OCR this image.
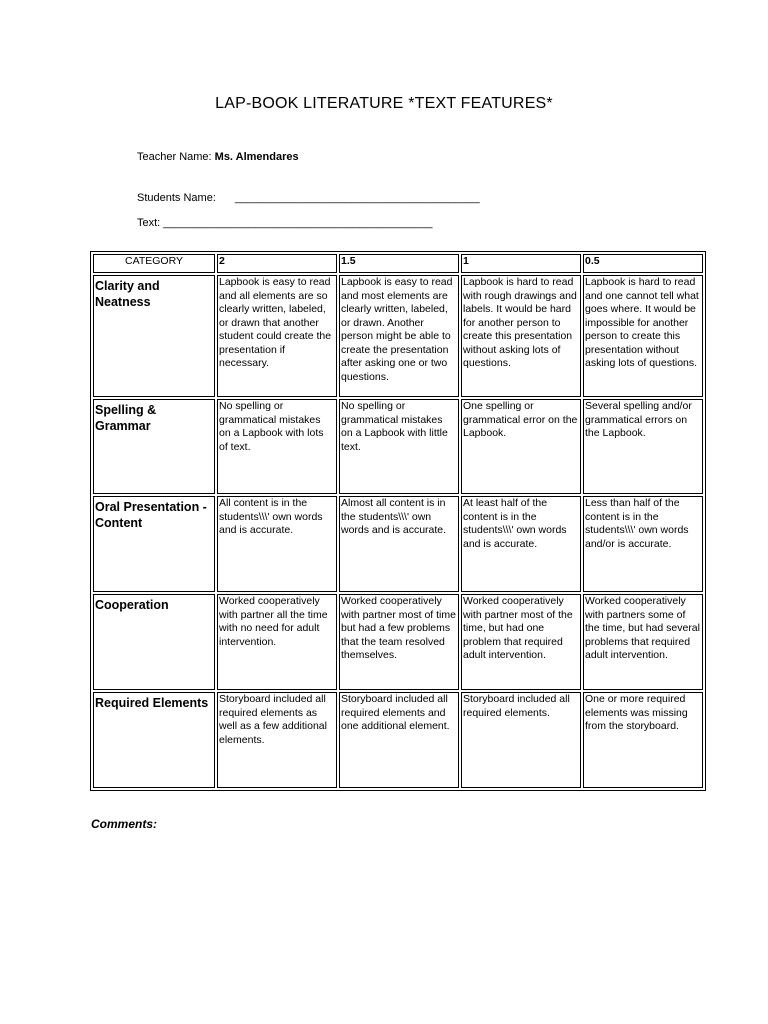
LAP-BOOK LITERATURE *TEXT FEATURES*
Teacher Name: Ms. Almendares
Students Name: ________________________________________
Text: ____________________________________________
CATEGORY	2	1.5	1	0.5
Clarity and Neatness	Lapbook is easy to read and all elements are so clearly written, labeled, or drawn that another student could create the presentation if necessary.	Lapbook is easy to read and most elements are clearly written, labeled, or drawn. Another person might be able to create the presentation after asking one or two questions.	Lapbook is hard to read with rough drawings and labels. It would be hard for another person to create this presentation without asking lots of questions.	Lapbook is hard to read and one cannot tell what goes where. It would be impossible for another person to create this presentation without asking lots of questions.
Spelling & Grammar	No spelling or grammatical mistakes on a Lapbook with lots of text.	No spelling or grammatical mistakes on a Lapbook with little text.	One spelling or grammatical error on the Lapbook.	Several spelling and/or grammatical errors on the Lapbook.
Oral Presentation -Content	All content is in the students\\\' own words and is accurate.	Almost all content is in the students\\\' own words and is accurate.	At least half of the content is in the students\\\' own words and is accurate.	Less than half of the content is in the students\\\' own words and/or is accurate.
Cooperation	Worked cooperatively with partner all the time with no need for adult intervention.	Worked cooperatively with partner most of time but had a few problems that the team resolved themselves.	Worked cooperatively with partner most of the time, but had one problem that required adult intervention.	Worked cooperatively with partners some of the time, but had several problems that required adult intervention.
Required Elements	Storyboard included all required elements as well as a few additional elements.	Storyboard included all required elements and one additional element.	Storyboard included all required elements.	One or more required elements was missing from the storyboard.
Comments:
